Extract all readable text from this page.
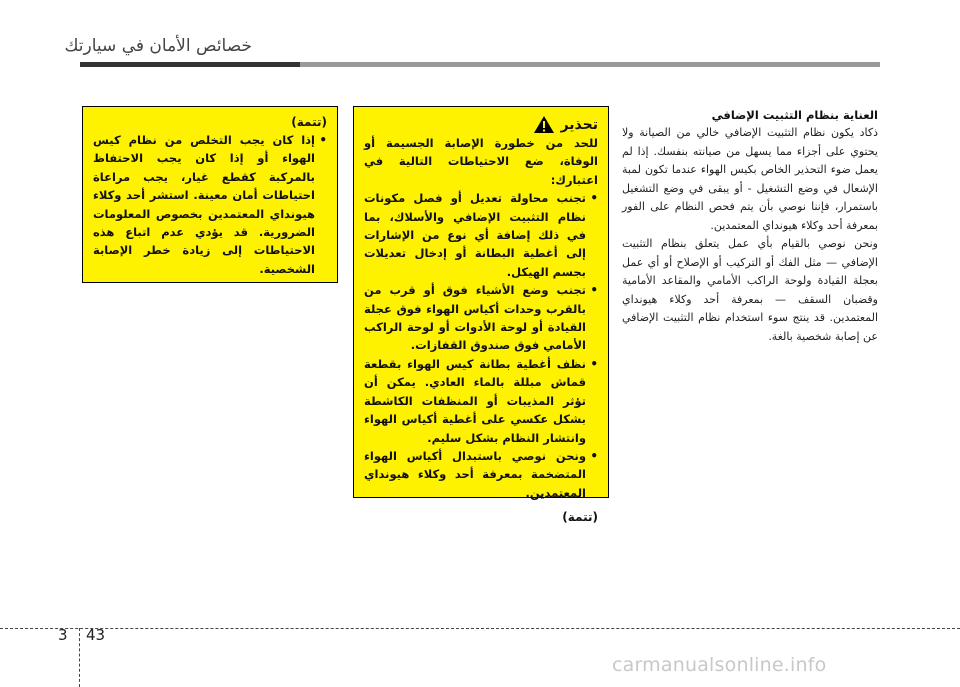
خصائص الأمان في سيارتك
(تتمة)
• إذا كان يجب التخلص من نظام كيس الهواء أو إذا كان يجب الاحتفاظ بالمركبة كقطع غيار، يجب مراعاة احتياطات أمان معينة. استشر أحد وكلاء هيونداي المعتمدين بخصوص المعلومات الضرورية. قد يؤدي عدم اتباع هذه الاحتياطات إلى زيادة خطر الإصابة الشخصية.
تحذير

للحد من خطورة الإصابة الجسيمة أو الوفاة، ضع الاحتياطات التالية في اعتبارك:

• تجنب محاولة تعديل أو فصل مكونات نظام التثبيت الإضافي والأسلاك، بما في ذلك إضافة أي نوع من الإشارات إلى أغطية البطانة أو إدخال تعديلات بجسم الهيكل.
• تجنب وضع الأشياء فوق أو قرب من بالقرب وحدات أكياس الهواء فوق عجلة القيادة أو لوحة الأدوات أو لوحة الراكب الأمامي فوق صندوق القفازات.
• نظف أغطية بطانة كيس الهواء بقطعة قماش مبللة بالماء العادي. يمكن أن تؤثر المذيبات أو المنظفات الكاشطة بشكل عكسي على أغطية أكياس الهواء وانتشار النظام بشكل سليم.
• ونحن نوصي باستبدال أكياس الهواء المتضخمة بمعرفة أحد وكلاء هيونداي المعتمدين.
(تتمة)
العناية بنظام التثبيت الإضافي

ذكاد يكون نظام التثبيت الإضافي خالي من الصيانة ولا يحتوي على أجزاء مما يسهل من صيانته بنفسك. إذا لم يعمل ضوء التحذير الخاص بكيس الهواء عندما تكون لمبة الإشعال في وضع التشغيل - أو يبقى في وضع التشغيل باستمرار، فإننا نوصي بأن يتم فحص النظام على الفور بمعرفة أحد وكلاء هيونداي المعتمدين.

ونحن نوصي بالقيام بأي عمل يتعلق بنظام التثبيت الإضافي — مثل الفك أو التركيب أو الإصلاح أو أي عمل بعجلة القيادة ولوحة الراكب الأمامي والمقاعد الأمامية وقضبان السقف — بمعرفة أحد وكلاء هيونداي المعتمدين. قد ينتج سوء استخدام نظام التثبيت الإضافي عن إصابة شخصية بالغة.

3 43
carmanualsonline.info
